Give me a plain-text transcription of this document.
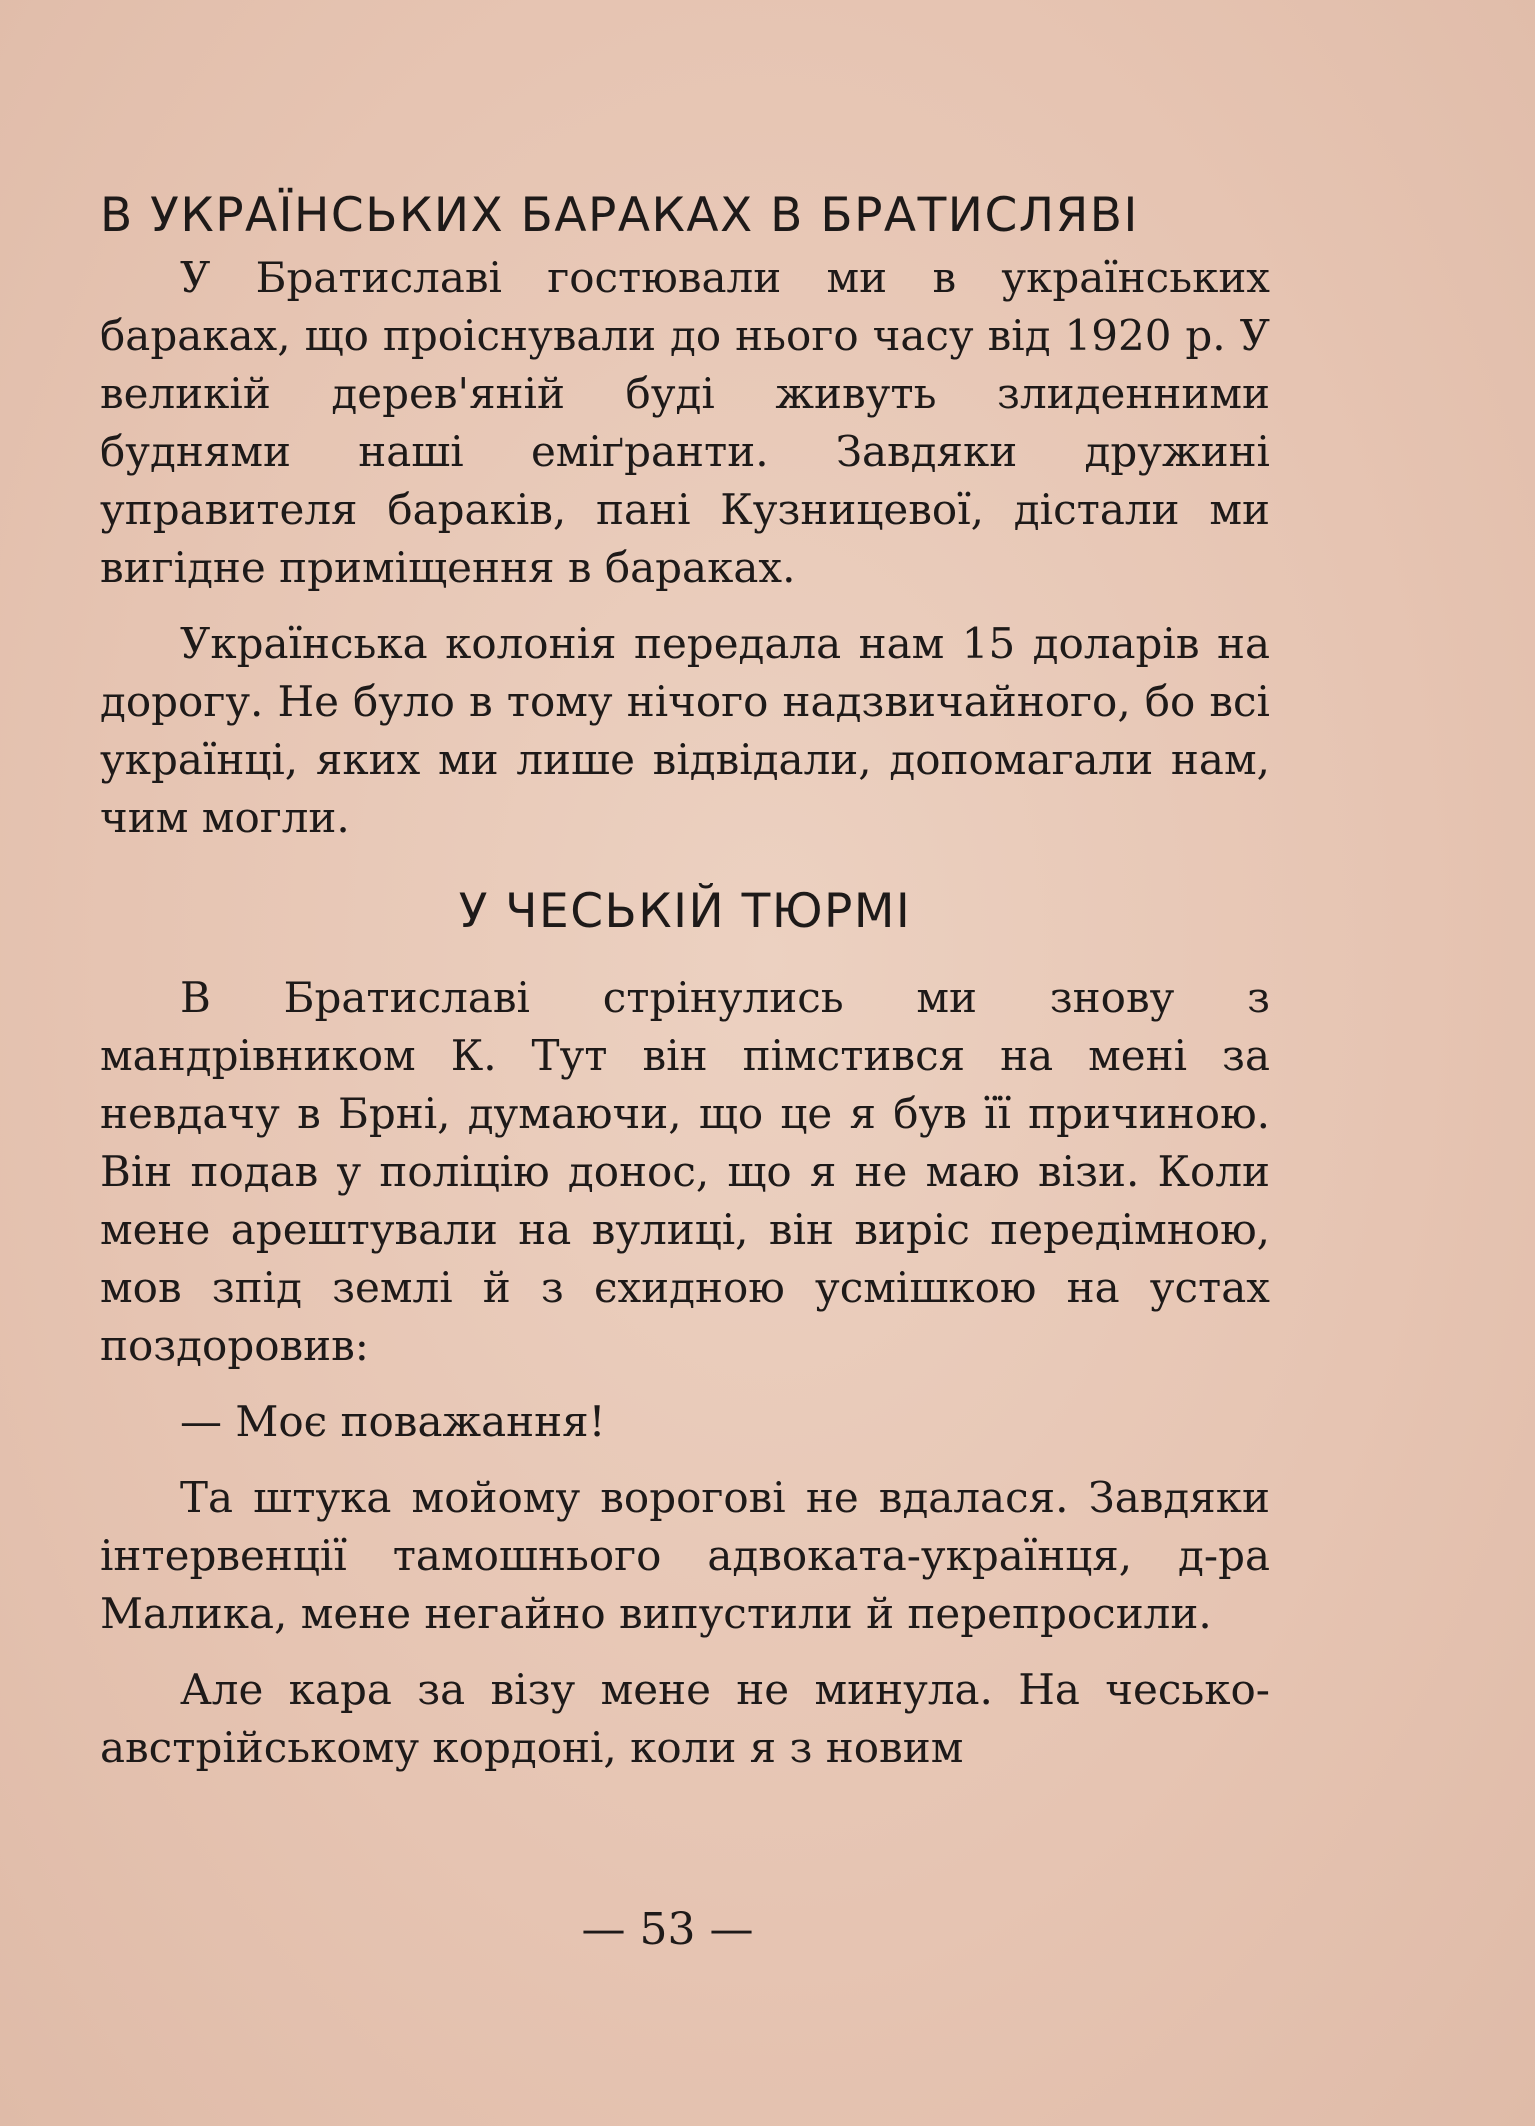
В УКРАЇНСЬКИХ БАРАКАХ В БРАТИСЛЯВІ

У Братиславі гостювали ми в українських бараках, що проіснували до нього часу від 1920 р. У великій дерев'яній буді живуть злиденними буднями наші еміґранти. Завдяки дружині управителя бараків, пані Кузницевої, дістали ми вигідне приміщення в бараках.

Українська колонія передала нам 15 доларів на дорогу. Не було в тому нічого надзвичайного, бо всі українці, яких ми лише відвідали, допомагали нам, чим могли.

У ЧЕСЬКІЙ ТЮРМІ

В Братиславі стрінулись ми знову з мандрівником К. Тут він пімстився на мені за невдачу в Брні, думаючи, що це я був її причиною. Він подав у поліцію донос, що я не маю візи. Коли мене арештували на вулиці, він виріс передімною, мов зпід землі й з єхидною усмішкою на устах поздоровив:

— Моє поважання!

Та штука мойому ворогові не вдалася. Завдяки інтервенції тамошнього адвоката-українця, д-ра Малика, мене негайно випустили й перепросили.

Але кара за візу мене не минула. На чесько-австрійському кордоні, коли я з новим

— 53 —
